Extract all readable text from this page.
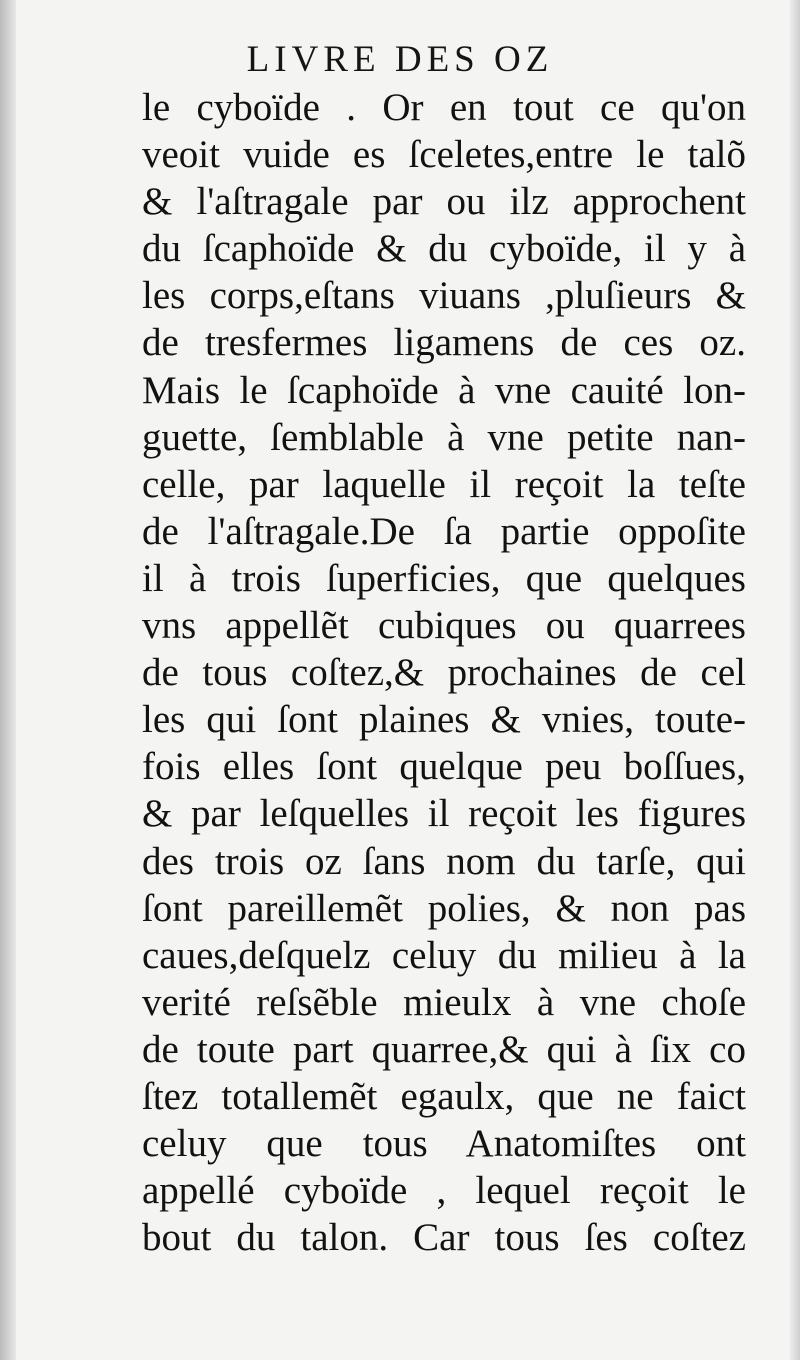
LIVRE DES OZ
le cyboïde . Or en tout ce qu'on
veoit vuide es ſceletes,entre le talõ
& l'aſtragale par ou ilz approchent
du ſcaphoïde & du cyboïde, il y à
les corps,eſtans viuans ,pluſieurs &
de tresfermes ligamens de ces oz.
Mais le ſcaphoïde à vne cauité lon-
guette, ſemblable à vne petite nan-
celle, par laquelle il reçoit la teſte
de l'aſtragale.De ſa partie oppoſite
il à trois ſuperficies, que quelques
vns appellẽt cubiques ou quarrees
de tous coſtez,& prochaines de cel
les qui ſont plaines & vnies, toute-
fois elles ſont quelque peu boſſues,
& par leſquelles il reçoit les figures
des trois oz ſans nom du tarſe, qui
ſont pareillemẽt polies, & non pas
caues,deſquelz celuy du milieu à la
verité reſsẽble mieulx à vne choſe
de toute part quarree,& qui à ſix co
ſtez totallemẽt egaulx, que ne faict
celuy que tous Anatomiſtes ont
appellé cyboïde , lequel reçoit le
bout du talon. Car tous ſes coſtez
